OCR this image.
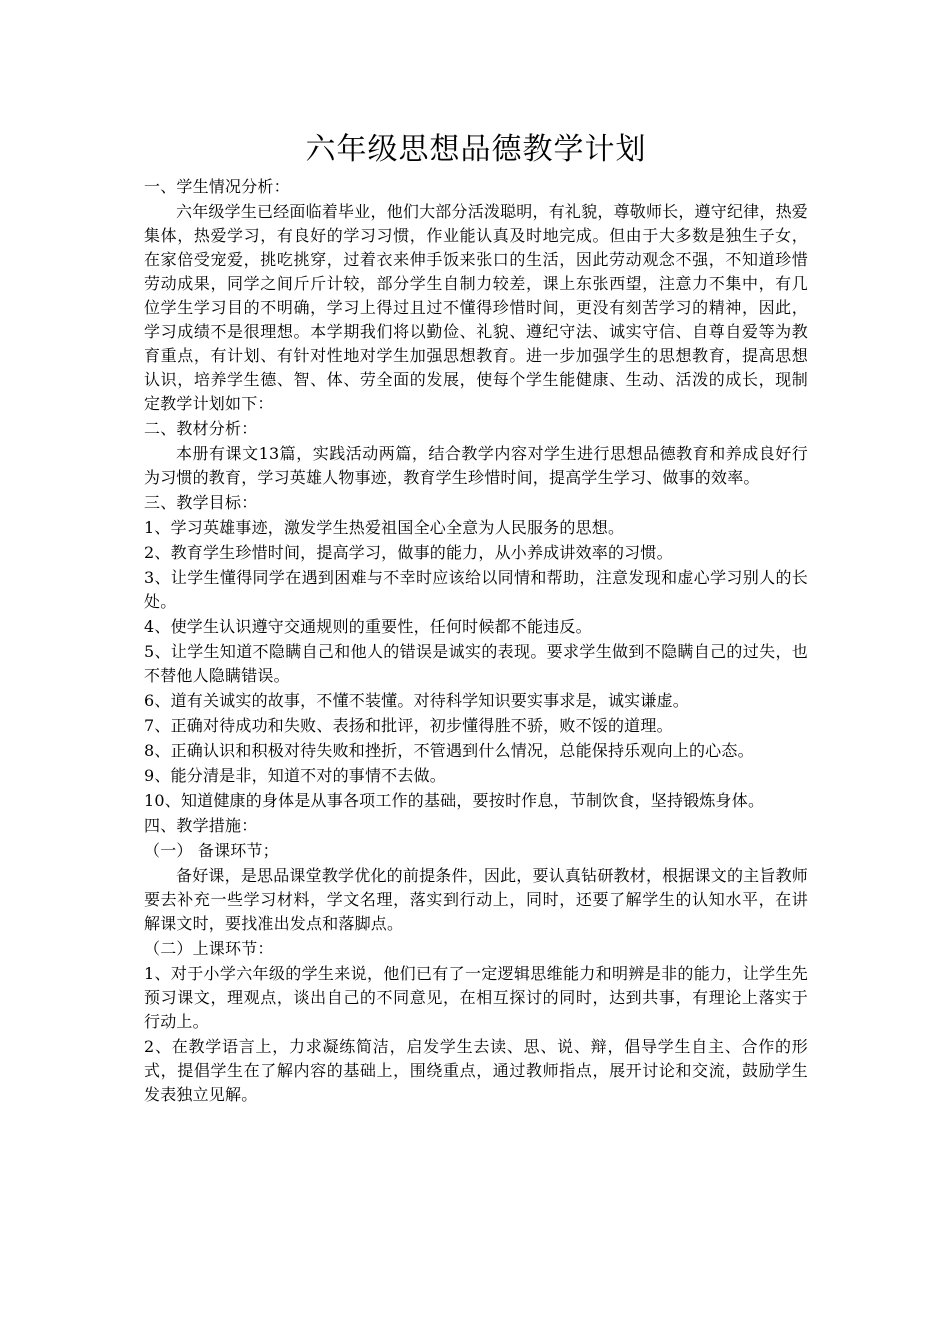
六年级思想品德教学计划
一、学生情况分析：
六年级学生已经面临着毕业，他们大部分活泼聪明，有礼貌，尊敬师长，遵守纪律，热爱集体，热爱学习，有良好的学习习惯，作业能认真及时地完成。但由于大多数是独生子女，在家倍受宠爱，挑吃挑穿，过着衣来伸手饭来张口的生活，因此劳动观念不强，不知道珍惜劳动成果，同学之间斤斤计较，部分学生自制力较差，课上东张西望，注意力不集中，有几位学生学习目的不明确，学习上得过且过不懂得珍惜时间，更没有刻苦学习的精神，因此，学习成绩不是很理想。本学期我们将以勤俭、礼貌、遵纪守法、诚实守信、自尊自爱等为教育重点，有计划、有针对性地对学生加强思想教育。进一步加强学生的思想教育，提高思想认识，培养学生德、智、体、劳全面的发展，使每个学生能健康、生动、活泼的成长，现制定教学计划如下：
二、教材分析：
本册有课文13篇，实践活动两篇，结合教学内容对学生进行思想品德教育和养成良好行为习惯的教育，学习英雄人物事迹，教育学生珍惜时间，提高学生学习、做事的效率。
三、教学目标：
1、学习英雄事迹，激发学生热爱祖国全心全意为人民服务的思想。
2、教育学生珍惜时间，提高学习，做事的能力，从小养成讲效率的习惯。
3、让学生懂得同学在遇到困难与不幸时应该给以同情和帮助，注意发现和虚心学习别人的长处。
4、使学生认识遵守交通规则的重要性，任何时候都不能违反。
5、让学生知道不隐瞒自己和他人的错误是诚实的表现。要求学生做到不隐瞒自己的过失，也不替他人隐瞒错误。
6、道有关诚实的故事，不懂不装懂。对待科学知识要实事求是，诚实谦虚。
7、正确对待成功和失败、表扬和批评，初步懂得胜不骄，败不馁的道理。
8、正确认识和积极对待失败和挫折，不管遇到什么情况，总能保持乐观向上的心态。
9、能分清是非，知道不对的事情不去做。
10、知道健康的身体是从事各项工作的基础，要按时作息，节制饮食，坚持锻炼身体。
四、教学措施：
（一） 备课环节；
备好课，是思品课堂教学优化的前提条件，因此，要认真钻研教材，根据课文的主旨教师要去补充一些学习材料，学文名理，落实到行动上，同时，还要了解学生的认知水平，在讲解课文时，要找准出发点和落脚点。
（二）上课环节：
1、对于小学六年级的学生来说，他们已有了一定逻辑思维能力和明辨是非的能力，让学生先预习课文，理观点，谈出自己的不同意见，在相互探讨的同时，达到共事，有理论上落实于行动上。
2、在教学语言上，力求凝练简洁，启发学生去读、思、说、辩，倡导学生自主、合作的形式，提倡学生在了解内容的基础上，围绕重点，通过教师指点，展开讨论和交流，鼓励学生发表独立见解。
